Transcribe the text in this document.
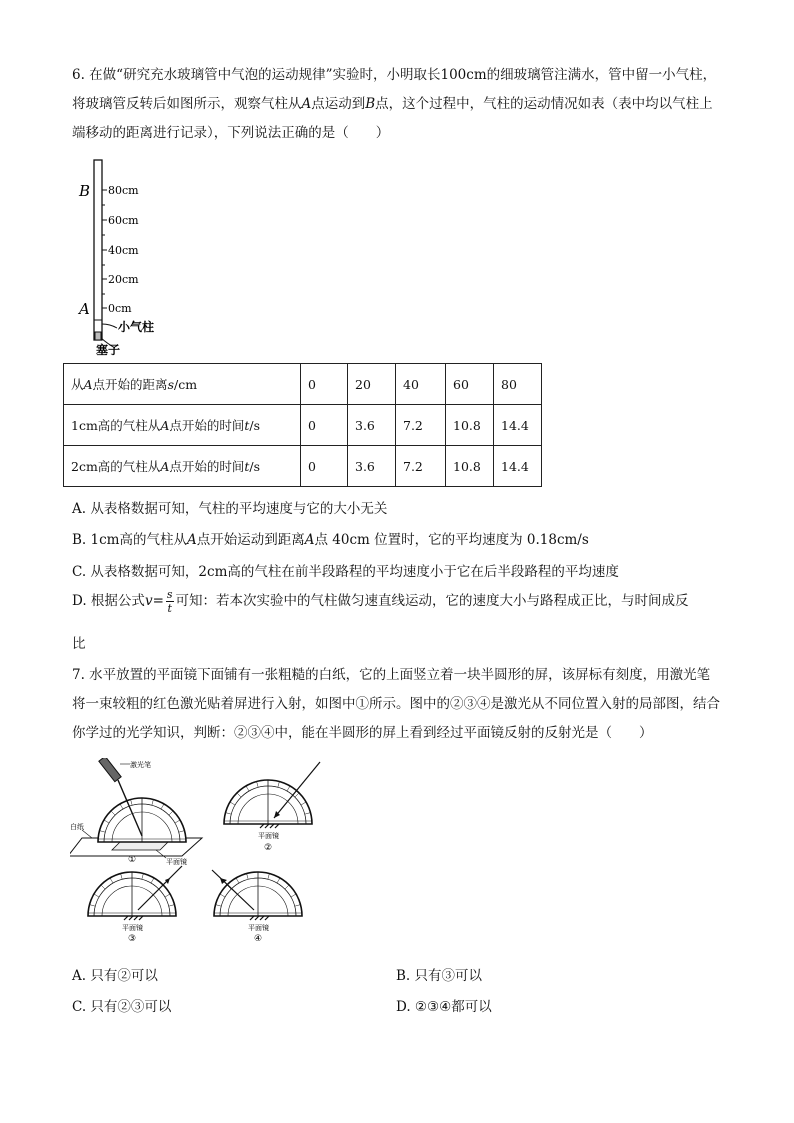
6. 在做“研究充水玻璃管中气泡的运动规律”实验时，小明取长100cm的细玻璃管注满水，管中留一小气柱，将玻璃管反转后如图所示，观察气柱从A点运动到B点，这个过程中，气柱的运动情况如表（表中均以气柱上端移动的距离进行记录），下列说法正确的是（　　）

80cm
60cm
40cm
20cm
0cm
B
A
小气柱
塞子
从A点开始的距离s/cm	0	20	40	60	80
1cm高的气柱从A点开始的时间t/s	0	3.6	7.2	10.8	14.4
2cm高的气柱从A点开始的时间t/s	0	3.6	7.2	10.8	14.4

A. 从表格数据可知，气柱的平均速度与它的大小无关

B. 1cm高的气柱从A点开始运动到距离A点 40cm 位置时，它的平均速度为 0.18cm/s

C. 从表格数据可知，2cm高的气柱在前半段路程的平均速度小于它在后半段路程的平均速度

D. 根据公式$v= \frac{s}{t}$ 可知：若本次实验中的气柱做匀速直线运动，它的速度大小与路程成正比，与时间成反

比

7. 水平放置的平面镜下面铺有一张粗糙的白纸，它的上面竖立着一块半圆形的屏，该屏标有刻度，用激光笔将一束较粗的红色激光贴着屏进行入射，如图中①所示。图中的②③④是激光从不同位置入射的局部图，结合你学过的光学知识，判断：②③④中，能在半圆形的屏上看到经过平面镜反射的反射光是（　　）

激光笔
白纸
平面镜
①
平面镜
②
平面镜
③
平面镜
④

A. 只有②可以	B. 只有③可以

C. 只有②③可以	D. ②③④都可以
